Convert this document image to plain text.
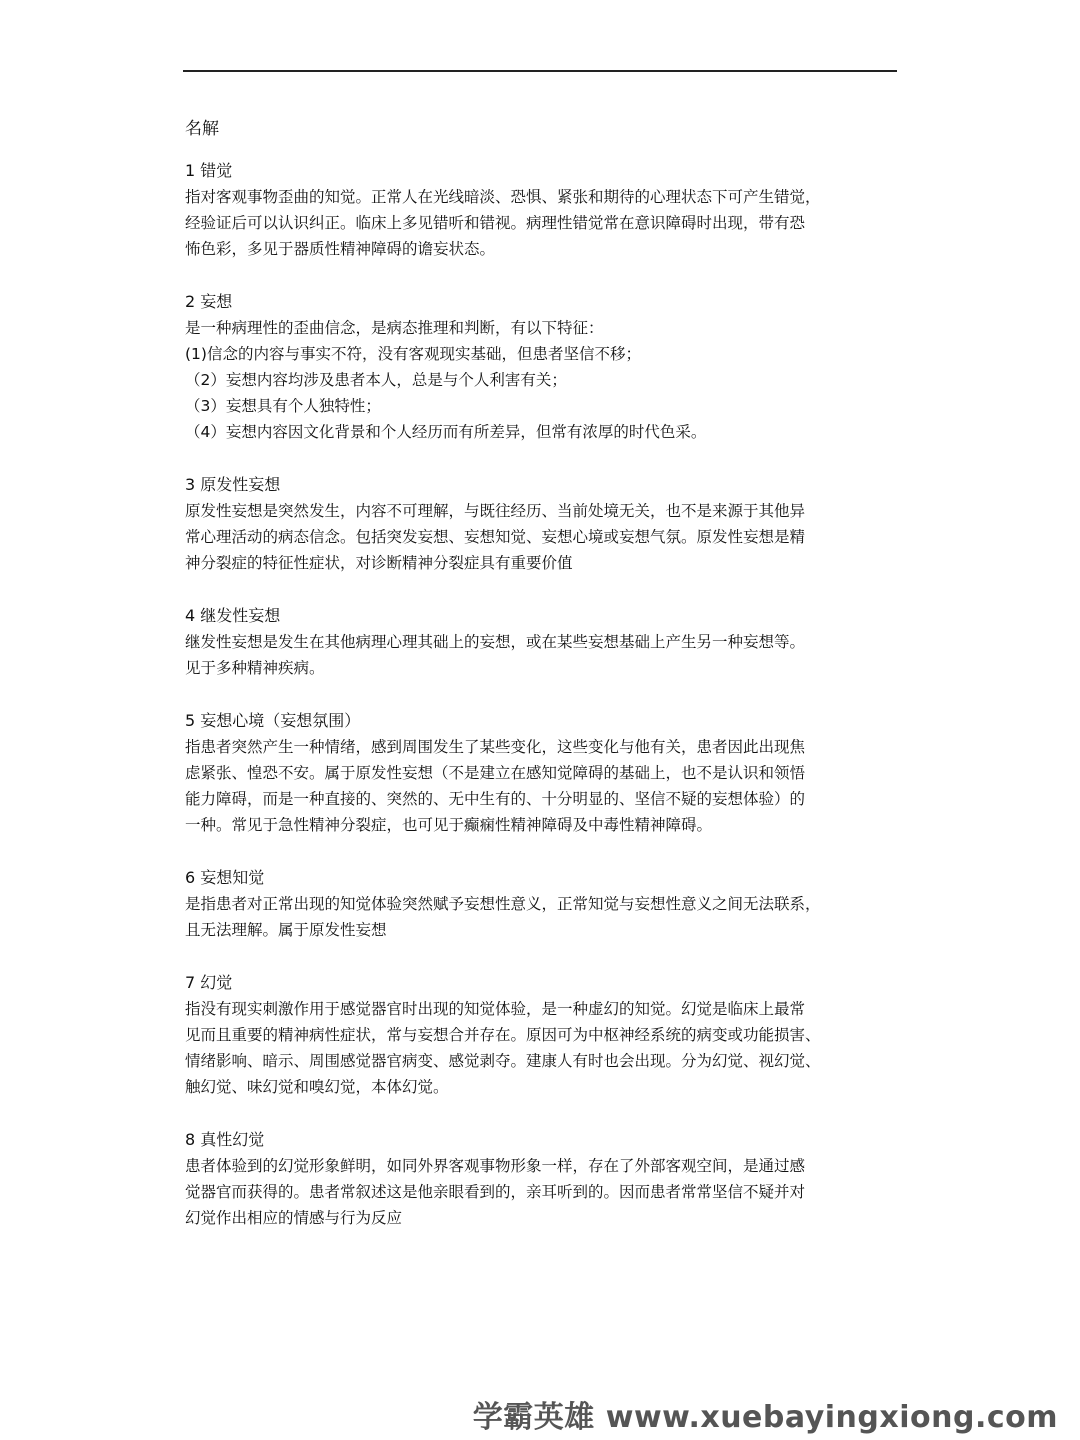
名解
1 错觉
指对客观事物歪曲的知觉。正常人在光线暗淡、恐惧、紧张和期待的心理状态下可产生错觉，
经验证后可以认识纠正。临床上多见错听和错视。病理性错觉常在意识障碍时出现，带有恐
怖色彩，多见于器质性精神障碍的谵妄状态。
2 妄想
是一种病理性的歪曲信念，是病态推理和判断，有以下特征：
(1)信念的内容与事实不符，没有客观现实基础，但患者坚信不移；
（2）妄想内容均涉及患者本人，总是与个人利害有关；
（3）妄想具有个人独特性；
（4）妄想内容因文化背景和个人经历而有所差异，但常有浓厚的时代色采。
3 原发性妄想
原发性妄想是突然发生，内容不可理解，与既往经历、当前处境无关，也不是来源于其他异
常心理活动的病态信念。包括突发妄想、妄想知觉、妄想心境或妄想气氛。原发性妄想是精
神分裂症的特征性症状，对诊断精神分裂症具有重要价值
4 继发性妄想
继发性妄想是发生在其他病理心理其础上的妄想，或在某些妄想基础上产生另一种妄想等。
见于多种精神疾病。
5 妄想心境（妄想氛围）
指患者突然产生一种情绪，感到周围发生了某些变化，这些变化与他有关，患者因此出现焦
虑紧张、惶恐不安。属于原发性妄想（不是建立在感知觉障碍的基础上，也不是认识和领悟
能力障碍，而是一种直接的、突然的、无中生有的、十分明显的、坚信不疑的妄想体验）的
一种。常见于急性精神分裂症，也可见于癫痫性精神障碍及中毒性精神障碍。
6 妄想知觉
是指患者对正常出现的知觉体验突然赋予妄想性意义，正常知觉与妄想性意义之间无法联系，
且无法理解。属于原发性妄想
7 幻觉
指没有现实刺激作用于感觉器官时出现的知觉体验，是一种虚幻的知觉。幻觉是临床上最常
见而且重要的精神病性症状，常与妄想合并存在。原因可为中枢神经系统的病变或功能损害、
情绪影响、暗示、周围感觉器官病变、感觉剥夺。建康人有时也会出现。分为幻觉、视幻觉、
触幻觉、味幻觉和嗅幻觉，本体幻觉。
8 真性幻觉
患者体验到的幻觉形象鲜明，如同外界客观事物形象一样，存在了外部客观空间，是通过感
觉器官而获得的。患者常叙述这是他亲眼看到的，亲耳听到的。因而患者常常坚信不疑并对
幻觉作出相应的情感与行为反应
学霸英雄 www.xuebayingxiong.com
